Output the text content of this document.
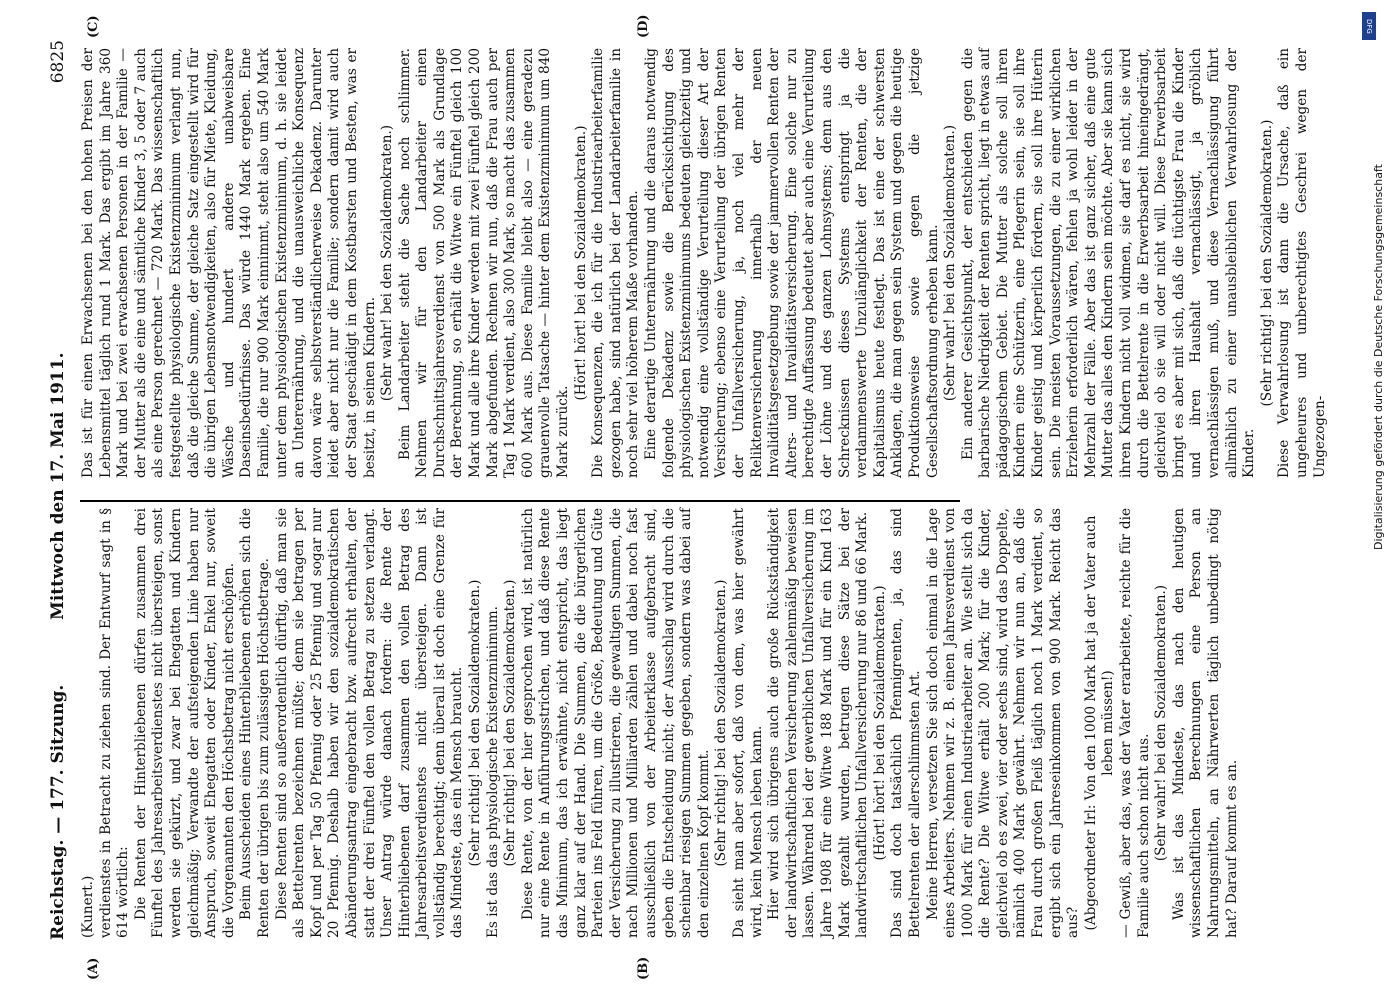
Reichstag. — 177. Sitzung.
Mittwoch den 17. Mai 1911.
6825
(A)	(B)
(C)	(D)

(Kunert.) verdienstes in Betracht zu ziehen sind. Der Entwurf sagt in § 614 wörtlich: Die Renten der Hinterbliebenen dürfen zusammen drei Fünftel des Jahresarbeitsverdienstes nicht übersteigen, sonst werden sie gekürzt, und zwar bei Ehegatten und Kindern gleichmäßig; Verwandte der aufsteigenden Linie haben nur Anspruch, soweit Ehegatten oder Kinder, Enkel nur, soweit die Vorgenannten den Höchstbetrag nicht erschöpfen. Beim Ausscheiden eines Hinterbliebenen erhöhen sich die Renten der übrigen bis zum zulässigen Höchstbetrage. Diese Renten sind so außerordentlich dürftig, daß man sie als Bettelrenten bezeichnen müßte; denn sie betragen per Kopf und per Tag 50 Pfennig oder 25 Pfennig und sogar nur 20 Pfennig. Deshalb haben wir den sozialdemokratischen Abänderungsantrag eingebracht bzw. aufrecht erhalten, der statt der drei Fünftel den vollen Betrag zu setzen verlangt. Unser Antrag würde danach fordern: die Rente der Hinterbliebenen darf zusammen den vollen Betrag des Jahresarbeitsverdienstes nicht übersteigen. Dann ist vollständig berechtigt; denn überall ist doch eine Grenze für das Mindeste, das ein Mensch braucht. (Sehr richtig! bei den Sozialdemokraten.) Es ist das das physiologische Existenzminimum. (Sehr richtig! bei den Sozialdemokraten.) Diese Rente, von der hier gesprochen wird, ist natürlich nur eine Rente in Anführungsstrichen, und daß diese Rente das Minimum, das ich erwähnte, nicht entspricht, das liegt ganz klar auf der Hand. Die Summen, die die bürgerlichen Parteien ins Feld führen, um die Größe, Bedeutung und Güte der Versicherung zu illustrieren, die gewaltigen Summen, die nach Millionen und Milliarden zählen und dabei noch fast ausschließlich von der Arbeiterklasse aufgebracht sind, geben die Entscheidung nicht; der Ausschlag wird durch die scheinbar riesigen Summen gegeben, sondern was dabei auf den einzelnen Kopf kommt. (Sehr richtig! bei den Sozialdemokraten.) Da sieht man aber sofort, daß von dem, was hier gewährt wird, kein Mensch leben kann. Hier wird sich übrigens auch die große Rückständigkeit der landwirtschaftlichen Versicherung zahlenmäßig beweisen lassen. Während bei der gewerblichen Unfallversicherung im Jahre 1908 für eine Witwe 188 Mark und für ein Kind 163 Mark gezahlt wurden, betrugen diese Sätze bei der landwirtschaftlichen Unfallversicherung nur 86 und 66 Mark. (Hört! hört! bei den Sozialdemokraten.) Das sind doch tatsächlich Pfennigrenten, ja, das sind Bettelrenten der allerschlimmsten Art. Meine Herren, versetzen Sie sich doch einmal in die Lage eines Arbeiters. Nehmen wir z. B. einen Jahresverdienst von 1000 Mark für einen Industriearbeiter an. Wie stellt sich da die Rente? Die Witwe erhält 200 Mark; für die Kinder, gleichviel ob es zwei, vier oder sechs sind, wird das Doppelte, nämlich 400 Mark gewährt. Nehmen wir nun an, daß die Frau durch großen Fleiß täglich noch 1 Mark verdient, so ergibt sich ein Jahreseinkommen von 900 Mark. Reicht das aus? (Abgeordneter Irl: Von den 1000 Mark hat ja der Vater auch leben müssen!) — Gewiß, aber das, was der Vater erarbeitete, reichte für die Familie auch schon nicht aus. (Sehr wahr! bei den Sozialdemokraten.) Was ist das Mindeste, das nach den heutigen wissenschaftlichen Berechnungen eine Person an Nahrungsmitteln, an Nährwerten täglich unbedingt nötig hat? Darauf kommt es an.

Das ist für einen Erwachsenen bei den hohen Preisen der Lebensmittel täglich rund 1 Mark. Das ergibt im Jahre 360 Mark und bei zwei erwachsenen Personen in der Familie — der Mutter als die eine und sämtliche Kinder 3, 5 oder 7 auch als eine Person gerechnet — 720 Mark. Das wissenschaftlich festgestellte physiologische Existenzminimum verlangt nun, daß die gleiche Summe, der gleiche Satz eingestellt wird für die übrigen Lebensnotwendigkeiten, also für Miete, Kleidung, Wäsche und hundert andere unabweisbare Daseinsbedürfnisse. Das würde 1440 Mark ergeben. Eine Familie, die nur 900 Mark einnimmt, steht also um 540 Mark unter dem physiologischen Existenzminimum, d. h. sie leidet an Unterernährung, und die unausweichliche Konsequenz davon wäre selbstverständlicherweise Dekadenz. Darunter leidet aber nicht nur die Familie; sondern damit wird auch der Staat geschädigt in dem Kostbarsten und Besten, was er besitzt, in seinen Kindern. (Sehr wahr! bei den Sozialdemokraten.) Beim Landarbeiter steht die Sache noch schlimmer. Nehmen wir für den Landarbeiter einen Durchschnittsjahresverdienst von 500 Mark als Grundlage der Berechnung, so erhält die Witwe ein Fünftel gleich 100 Mark und alle ihre Kinder werden mit zwei Fünftel gleich 200 Mark abgefunden. Rechnen wir nun, daß die Frau auch per Tag 1 Mark verdient, also 300 Mark, so macht das zusammen 600 Mark aus. Diese Familie bleibt also — eine geradezu grauenvolle Tatsache — hinter dem Existenzminimum um 840 Mark zurück.

(Hört! hört! bei den Sozialdemokraten.) Die Konsequenzen, die ich für die Industriearbeiterfamilie gezogen habe, sind natürlich bei der Landarbeiterfamilie in noch sehr viel höherem Maße vorhanden. Eine derartige Unterernährung und die daraus notwendig folgende Dekadenz sowie die Berücksichtigung des physiologischen Existenzminimums bedeuten gleichzeitig und notwendig eine vollständige Verurteilung dieser Art der Versicherung; ebenso eine Verurteilung der übrigen Renten der Unfallversicherung, ja, noch viel mehr der Reliktenversicherung innerhalb der neuen Invaliditätsgesetzgebung sowie der jammervollen Renten der Alters- und Invaliditätsversicherung. Eine solche nur zu berechtigte Auffassung bedeutet aber auch eine Verurteilung der Löhne und des ganzen Lohnsystems; denn aus den Schrecknissen dieses Systems entspringt ja die verdammenswerte Unzulänglichkeit der Renten, die der Kapitalismus heute festlegt. Das ist eine der schwersten Anklagen, die man gegen sein System und gegen die heutige Produktionsweise sowie gegen die jetzige Gesellschaftsordnung erheben kann. (Sehr wahr! bei den Sozialdemokraten.) Ein anderer Gesichtspunkt, der entschieden gegen die barbarische Niedrigkeit der Renten spricht, liegt in etwas auf pädagogischem Gebiet. Die Mutter als solche soll ihren Kindern eine Schützerin, eine Pflegerin sein, sie soll ihre Kinder geistig und körperlich fördern, sie soll ihre Hüterin sein. Die meisten Voraussetzungen, die zu einer wirklichen Erzieherin erforderlich wären, fehlen ja wohl leider in der Mehrzahl der Fälle. Aber das ist ganz sicher, daß eine gute Mutter das alles den Kindern sein möchte. Aber sie kann sich ihren Kindern nicht voll widmen, sie darf es nicht, sie wird durch die Bettelrente in die Erwerbsarbeit hineingedrängt, gleichviel ob sie will oder nicht will. Diese Erwerbsarbeit bringt es aber mit sich, daß die tüchtigste Frau die Kinder und ihren Haushalt vernachlässigt, ja gröblich vernachlässigen muß, und diese Vernachlässigung führt allmählich zu einer unausbleiblichen Verwahrlosung der Kinder.

(Sehr richtig! bei den Sozialdemokraten.) Diese Verwahrlosung ist dann die Ursache, daß ein ungeheures und unberechtigtes Geschrei wegen der Ungezogen-	Digitalisierung gefördert durch die Deutsche Forschungsgemeinschaft
DFG
